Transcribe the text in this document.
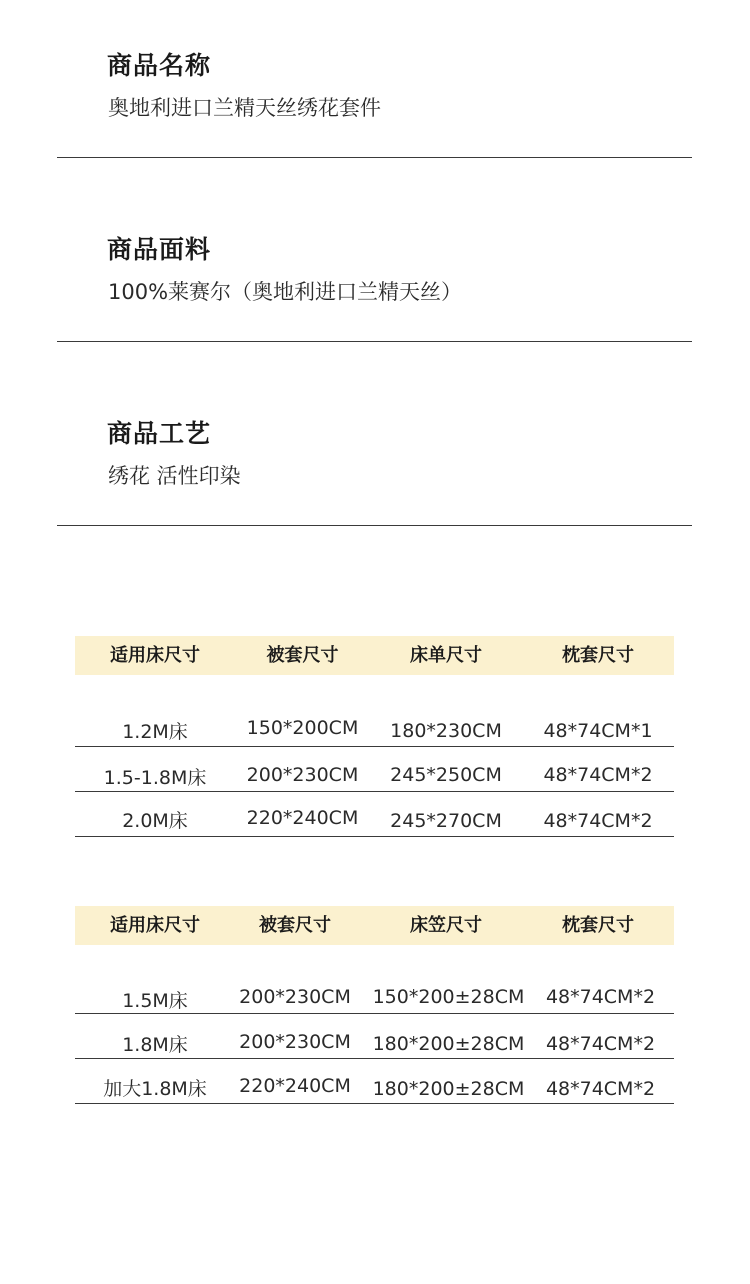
商品名称
奥地利进口兰精天丝绣花套件
商品面料
100%莱赛尔（奥地利进口兰精天丝）
商品工艺
绣花 活性印染
适用床尺寸	被套尺寸	床单尺寸	枕套尺寸
1.2M床	150*200CM	180*230CM	48*74CM*1
1.5-1.8M床	200*230CM	245*250CM	48*74CM*2
2.0M床	220*240CM	245*270CM	48*74CM*2
适用床尺寸	被套尺寸	床笠尺寸	枕套尺寸
1.5M床	200*230CM	150*200±28CM	48*74CM*2
1.8M床	200*230CM	180*200±28CM	48*74CM*2
加大1.8M床	220*240CM	180*200±28CM	48*74CM*2
